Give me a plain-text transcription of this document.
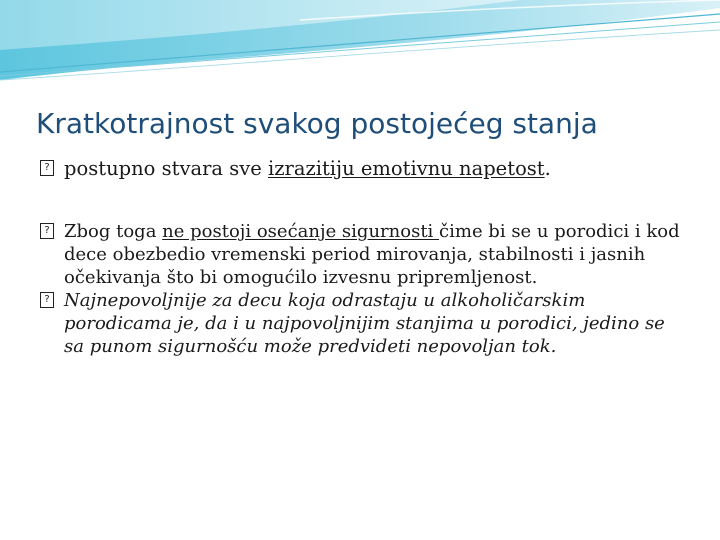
Kratkotrajnost svakog postojećeg stanja

? postupno stvara sve izrazitiju emotivnu napetost.

? Zbog toga ne postoji osećanje sigurnosti čime bi se u porodici i kod dece obezbedio vremenski period mirovanja, stabilnosti i jasnih očekivanja što bi omogućilo izvesnu pripremljenost.

? Najnepovoljnije za decu koja odrastaju u alkoholičarskim porodicama je, da i u najpovoljnijim stanjima u porodici, jedino se sa punom sigurnošću može predvideti nepovoljan tok.
